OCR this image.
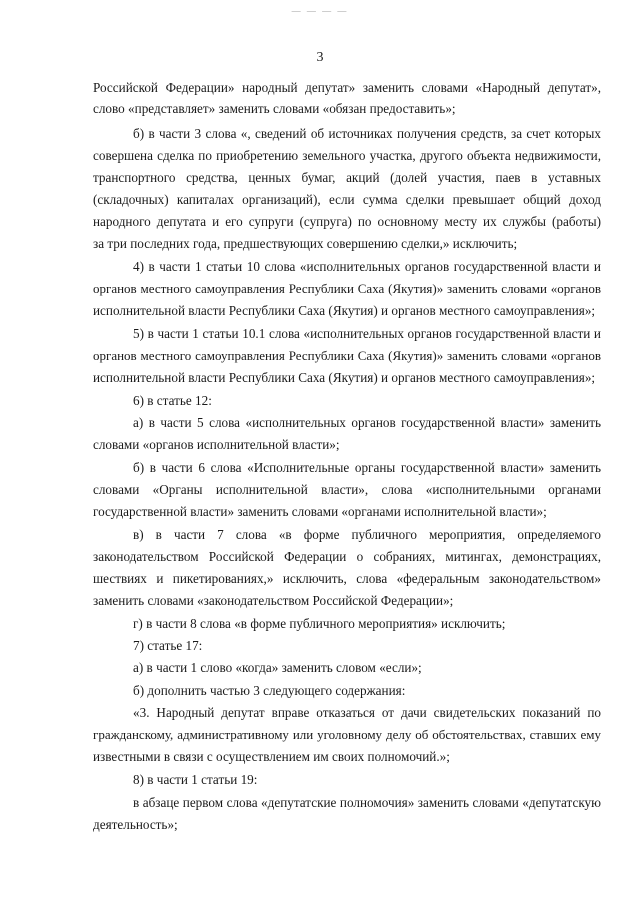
— — — —
3
Российской Федерации» народный депутат» заменить словами «Народный депутат»,
слово «представляет» заменить словами «обязан предоставить»;
б) в части 3 слова «, сведений об источниках получения средств, за счет которых
совершена сделка по приобретению земельного участка, другого объекта недвижимости,
транспортного средства, ценных бумаг, акций (долей участия, паев в уставных
(складочных) капиталах организаций), если сумма сделки превышает общий доход
народного депутата и его супруги (супруга) по основному месту их службы (работы)
за три последних года, предшествующих совершению сделки,» исключить;
4) в части 1 статьи 10 слова «исполнительных органов государственной власти и
органов местного самоуправления Республики Саха (Якутия)» заменить словами «органов
исполнительной власти Республики Саха (Якутия) и органов местного самоуправления»;
5) в части 1 статьи 10.1 слова «исполнительных органов государственной власти и
органов местного самоуправления Республики Саха (Якутия)» заменить словами «органов
исполнительной власти Республики Саха (Якутия) и органов местного самоуправления»;
6) в статье 12:
а) в части 5 слова «исполнительных органов государственной власти» заменить
словами «органов исполнительной власти»;
б) в части 6 слова «Исполнительные органы государственной власти» заменить
словами «Органы исполнительной власти», слова «исполнительными органами
государственной власти» заменить словами «органами исполнительной власти»;
в) в части 7 слова «в форме публичного мероприятия, определяемого
законодательством Российской Федерации о собраниях, митингах, демонстрациях,
шествиях и пикетированиях,» исключить, слова «федеральным законодательством»
заменить словами «законодательством Российской Федерации»;
г) в части 8 слова «в форме публичного мероприятия» исключить;
7) статье 17:
а) в части 1 слово «когда» заменить словом «если»;
б) дополнить частью 3 следующего содержания:
«3. Народный депутат вправе отказаться от дачи свидетельских показаний по
гражданскому, административному или уголовному делу об обстоятельствах, ставших ему
известными в связи с осуществлением им своих полномочий.»;
8) в части 1 статьи 19:
в абзаце первом слова «депутатские полномочия» заменить словами «депутатскую
деятельность»;
